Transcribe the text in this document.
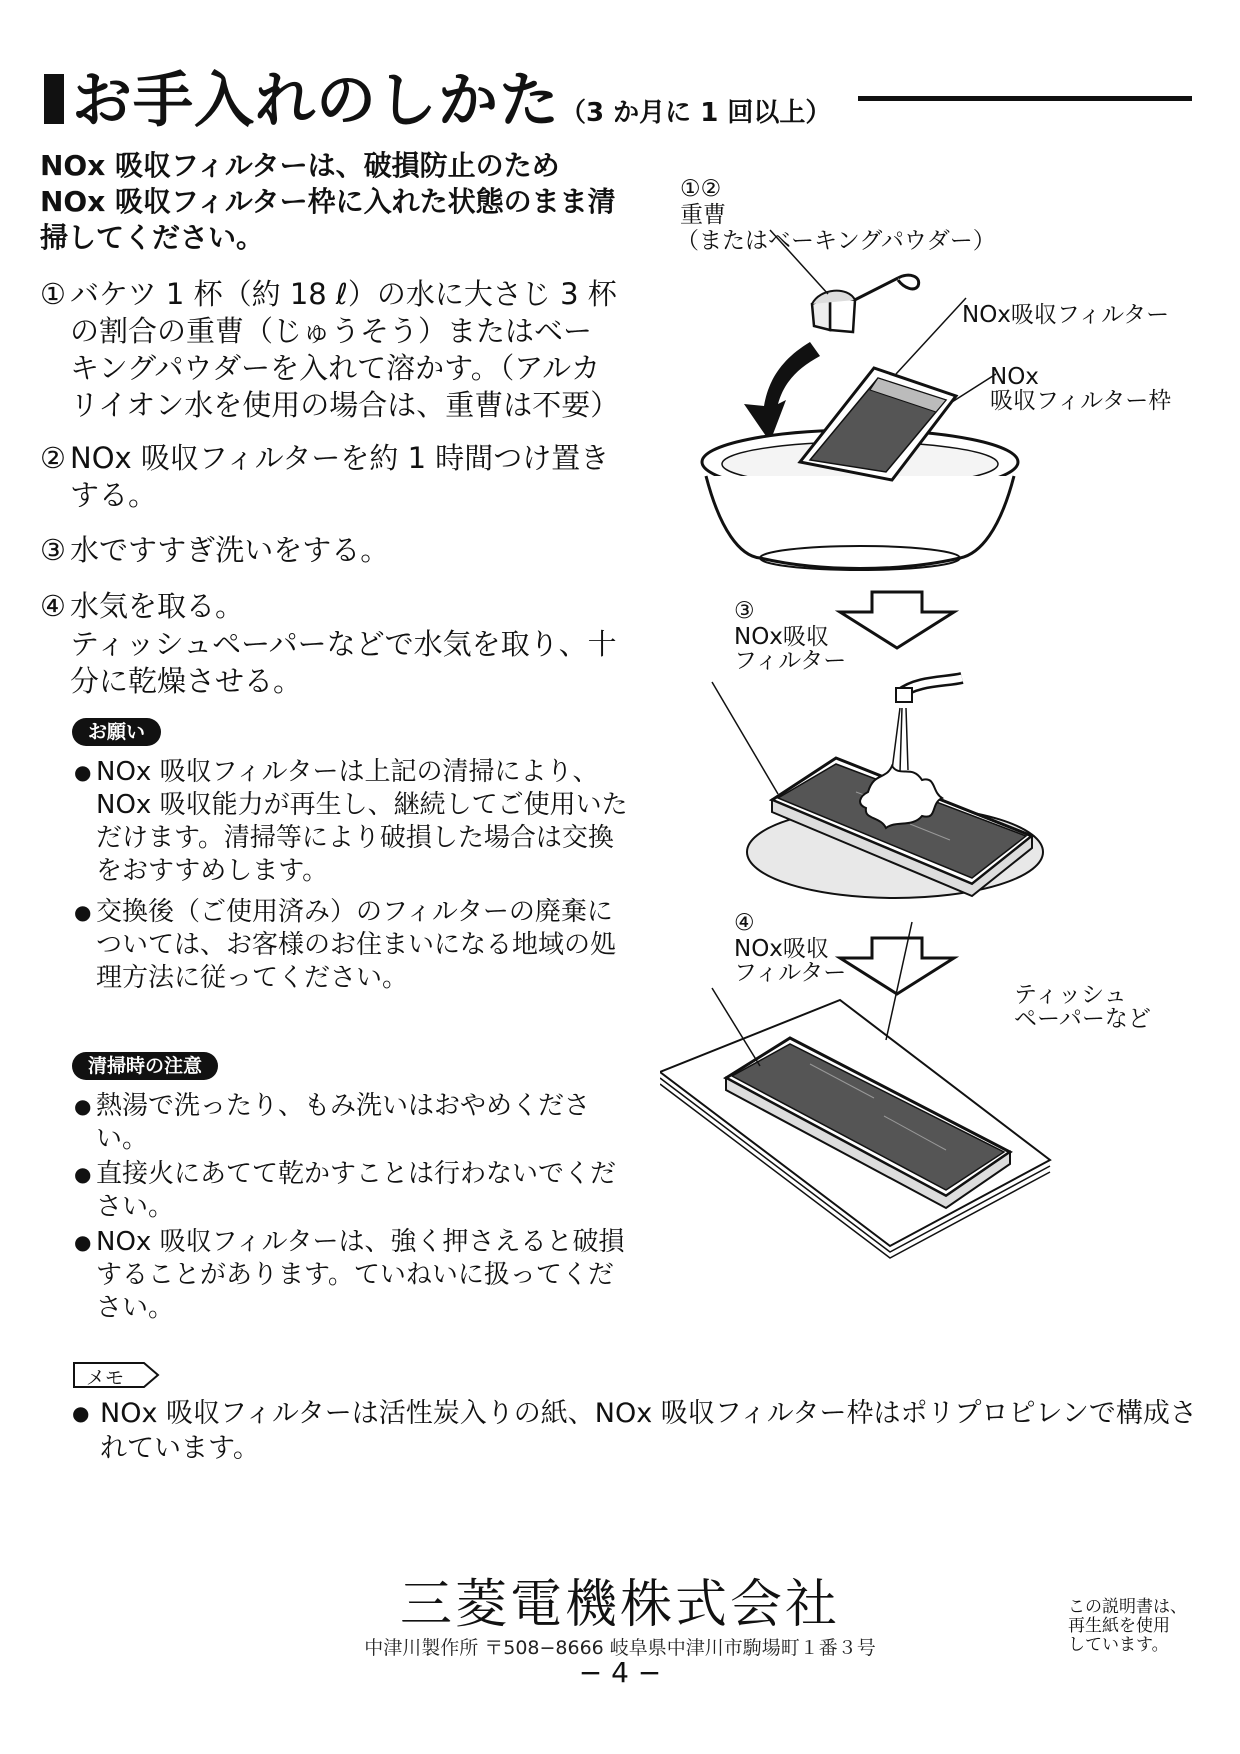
お手入れのしかた （3 か月に 1 回以上）
NOx 吸収フィルターは、破損防止のため NOx 吸収フィルター枠に入れた状態のまま清掃してください。
① バケツ 1 杯（約 18 ℓ）の水に大さじ 3 杯の割合の重曹（じゅうそう）またはベーキングパウダーを入れて溶かす。（アルカリイオン水を使用の場合は、重曹は不要）
② NOx 吸収フィルターを約 1 時間つけ置きする。
③ 水ですすぎ洗いをする。
④ 水気を取る。
ティッシュペーパーなどで水気を取り、十分に乾燥させる。
お願い
● NOx 吸収フィルターは上記の清掃により、NOx 吸収能力が再生し、継続してご使用いただけます。清掃等により破損した場合は交換をおすすめします。
● 交換後（ご使用済み）のフィルターの廃棄については、お客様のお住まいになる地域の処理方法に従ってください。
清掃時の注意
● 熱湯で洗ったり、もみ洗いはおやめください。
● 直接火にあてて乾かすことは行わないでください。
● NOx 吸収フィルターは、強く押さえると破損することがあります。ていねいに扱ってください。
メモ
● NOx 吸収フィルターは活性炭入りの紙、NOx 吸収フィルター枠はポリプロピレンで構成されています。
①②
重曹
（またはベーキングパウダー）
NOx吸収フィルター
NOx
吸収フィルター枠
③
NOx吸収
フィルター
④
NOx吸収
フィルター
ティッシュ
ペーパーなど
三菱電機株式会社
中津川製作所 〒508−8666 岐阜県中津川市駒場町１番３号
− 4 −
この説明書は、
再生紙を使用
しています。
